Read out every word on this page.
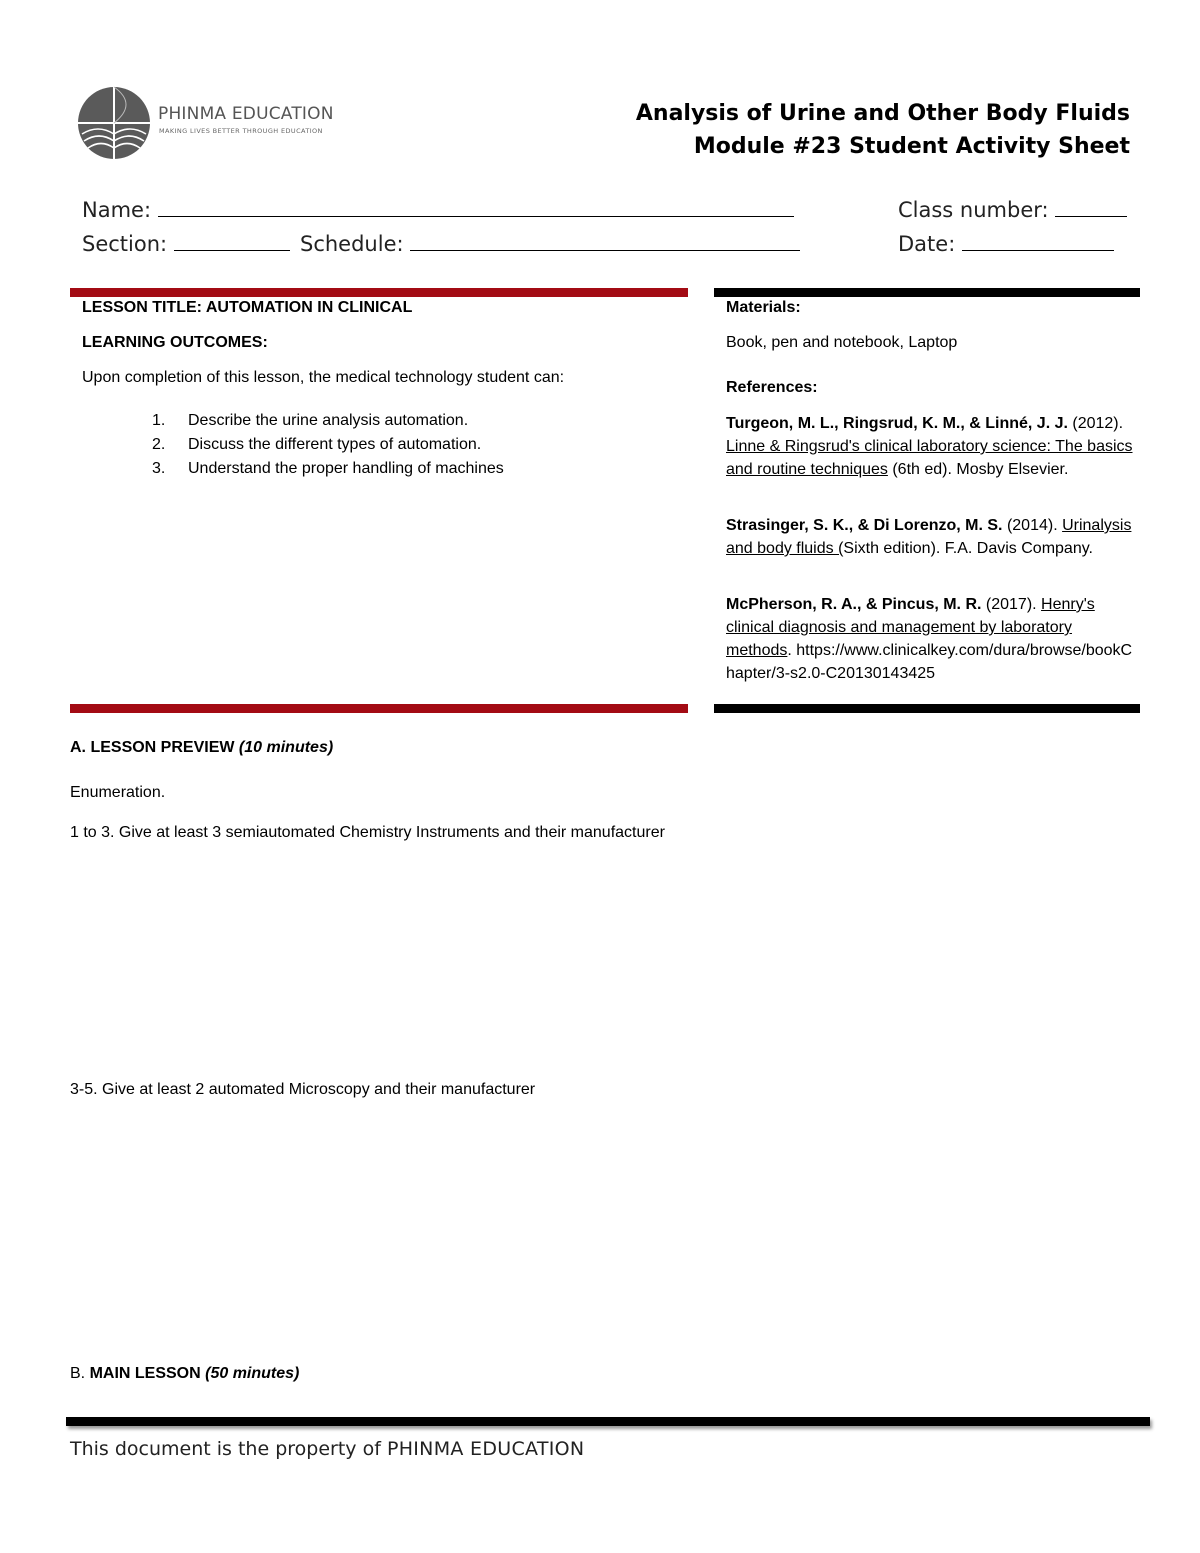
PHINMA EDUCATION
MAKING LIVES BETTER THROUGH EDUCATION
Analysis of Urine and Other Body Fluids
Module #23 Student Activity Sheet
Name:	Class number:
Section:	Schedule:	Date:
LESSON TITLE: AUTOMATION IN CLINICAL
LEARNING OUTCOMES:
Upon completion of this lesson, the medical technology student can:
1. Describe the urine analysis automation.
2. Discuss the different types of automation.
3. Understand the proper handling of machines
Materials:
Book, pen and notebook, Laptop
References:
Turgeon, M. L., Ringsrud, K. M., & Linné, J. J. (2012). Linne & Ringsrud's clinical laboratory science: The basics and routine techniques (6th ed). Mosby Elsevier.
Strasinger, S. K., & Di Lorenzo, M. S. (2014). Urinalysis and body fluids (Sixth edition). F.A. Davis Company.
McPherson, R. A., & Pincus, M. R. (2017). Henry's clinical diagnosis and management by laboratory methods. https://www.clinicalkey.com/dura/browse/bookChapter/3-s2.0-C20130143425
A. LESSON PREVIEW (10 minutes)
Enumeration.
1 to 3. Give at least 3 semiautomated Chemistry Instruments and their manufacturer
3-5. Give at least 2 automated Microscopy and their manufacturer
B. MAIN LESSON (50 minutes)
This document is the property of PHINMA EDUCATION
